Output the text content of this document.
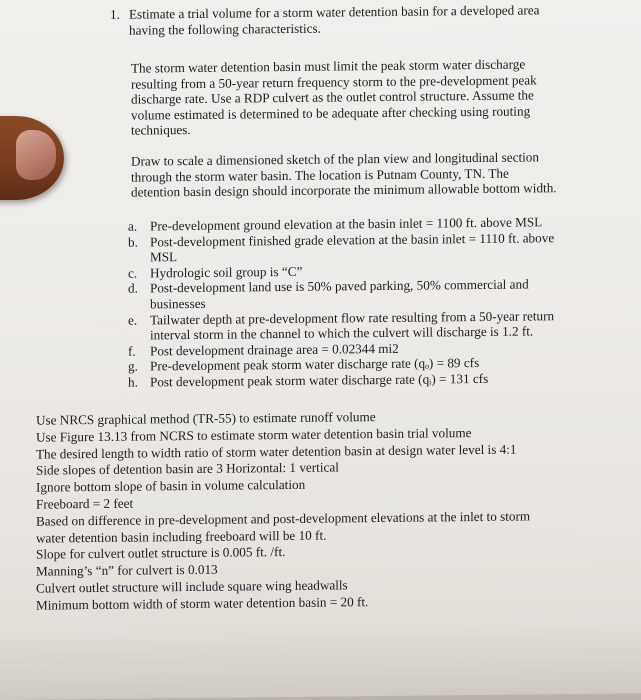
1. Estimate a trial volume for a storm water detention basin for a developed area
having the following characteristics.
The storm water detention basin must limit the peak storm water discharge
resulting from a 50-year return frequency storm to the pre-development peak
discharge rate. Use a RDP culvert as the outlet control structure. Assume the
volume estimated is determined to be adequate after checking using routing
techniques.
Draw to scale a dimensioned sketch of the plan view and longitudinal section
through the storm water basin. The location is Putnam County, TN. The
detention basin design should incorporate the minimum allowable bottom width.
a. Pre-development ground elevation at the basin inlet = 1100 ft. above MSL
b. Post-development finished grade elevation at the basin inlet = 1110 ft. above
MSL
c. Hydrologic soil group is “C”
d. Post-development land use is 50% paved parking, 50% commercial and
businesses
e. Tailwater depth at pre-development flow rate resulting from a 50-year return
interval storm in the channel to which the culvert will discharge is 1.2 ft.
f. Post development drainage area = 0.02344 mi2
g. Pre-development peak storm water discharge rate (qₒ) = 89 cfs
h. Post development peak storm water discharge rate (qᵢ) = 131 cfs
Use NRCS graphical method (TR-55) to estimate runoff volume
Use Figure 13.13 from NCRS to estimate storm water detention basin trial volume
The desired length to width ratio of storm water detention basin at design water level is 4:1
Side slopes of detention basin are 3 Horizontal: 1 vertical
Ignore bottom slope of basin in volume calculation
Freeboard = 2 feet
Based on difference in pre-development and post-development elevations at the inlet to storm
water detention basin including freeboard will be 10 ft.
Slope for culvert outlet structure is 0.005 ft. /ft.
Manning’s “n” for culvert is 0.013
Culvert outlet structure will include square wing headwalls
Minimum bottom width of storm water detention basin = 20 ft.
